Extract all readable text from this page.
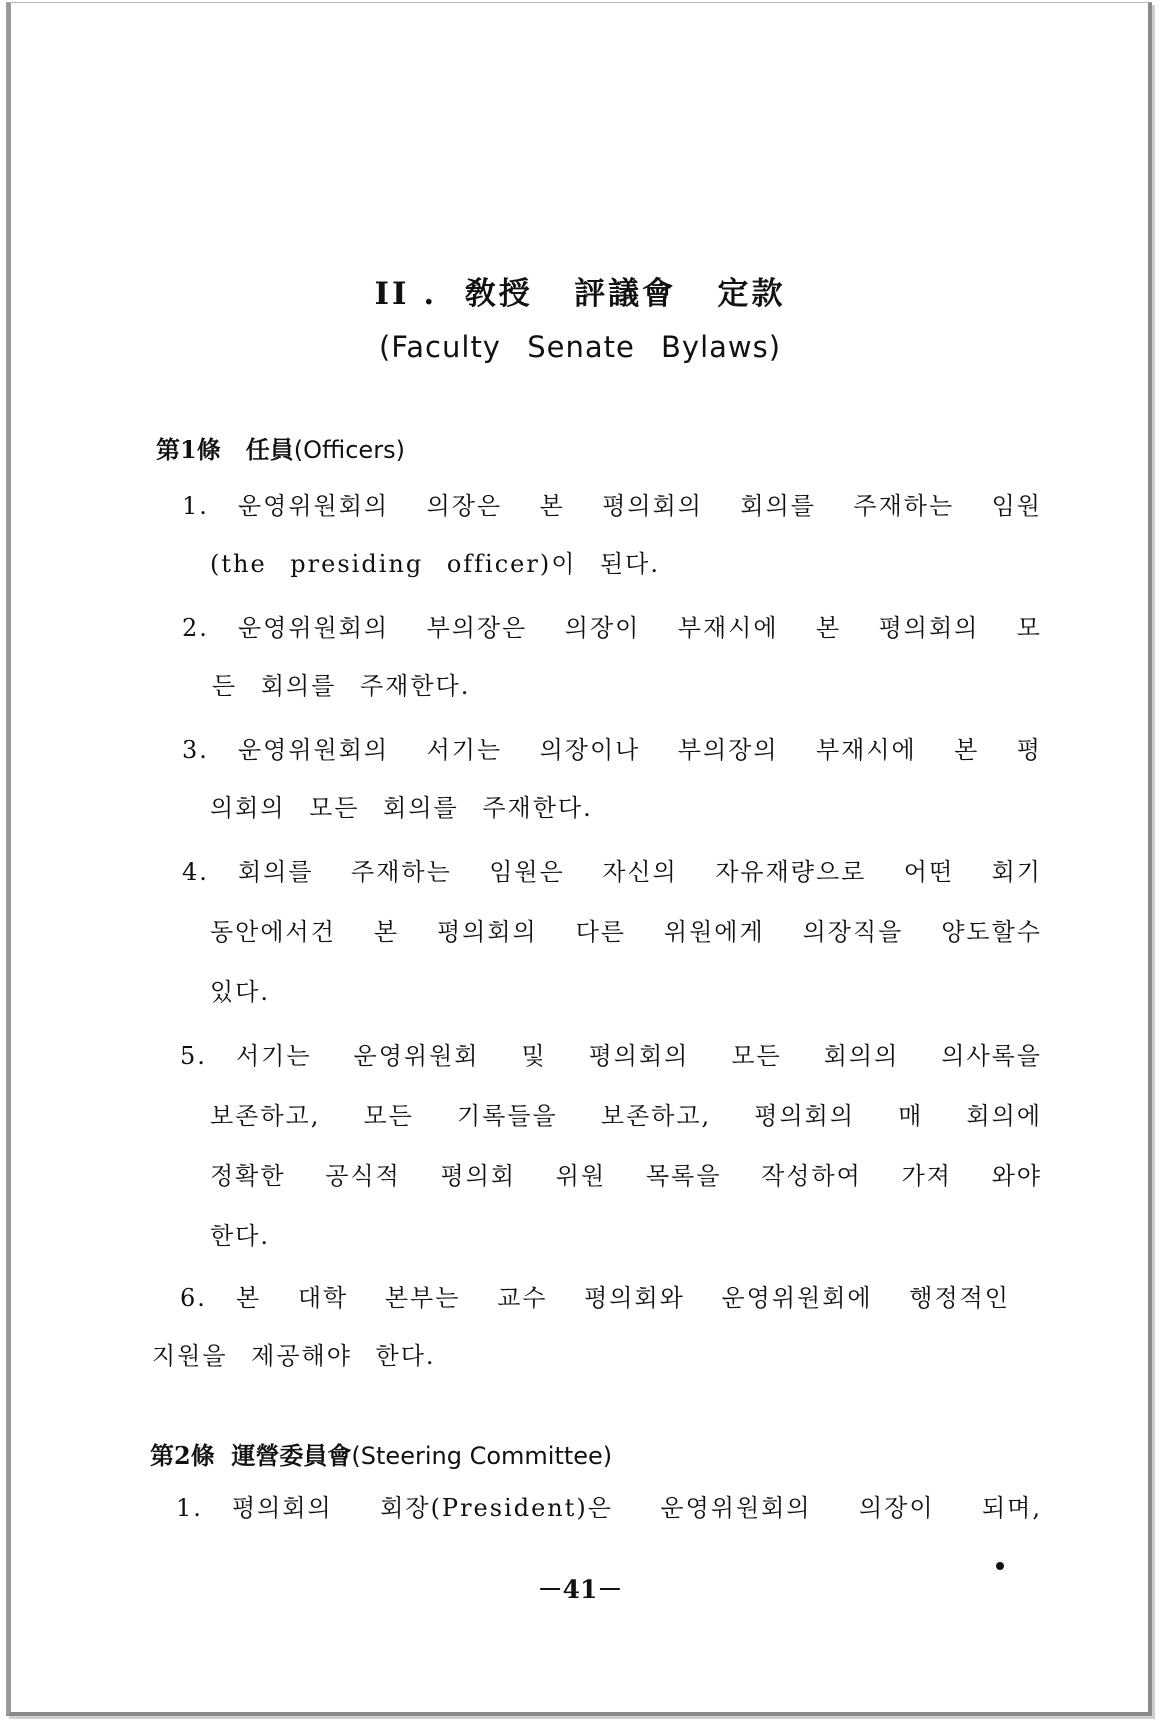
II .  敎授   評議會   定款
(Faculty Senate Bylaws)
第1條 任員(Officers)
1. 운영위원회의 의장은 본 평의회의 회의를 주재하는 임원
(the presiding officer)이 된다.
2. 운영위원회의 부의장은 의장이 부재시에 본 평의회의 모
든 회의를 주재한다.
3. 운영위원회의 서기는 의장이나 부의장의 부재시에 본 평
의회의 모든 회의를 주재한다.
4. 회의를 주재하는 임원은 자신의 자유재량으로 어떤 회기
동안에서건 본 평의회의 다른 위원에게 의장직을 양도할수
있다.
5. 서기는 운영위원회 및 평의회의 모든 회의의 의사록을
보존하고, 모든 기록들을 보존하고, 평의회의 매 회의에
정확한 공식적 평의회 위원 목록을 작성하여 가져 와야
한다.
6. 본 대학 본부는 교수 평의회와 운영위원회에 행정적인
지원을 제공해야 한다.
第2條 運營委員會(Steering Committee)
1. 평의회의 회장(President)은 운영위원회의 의장이 되며,
－41－
